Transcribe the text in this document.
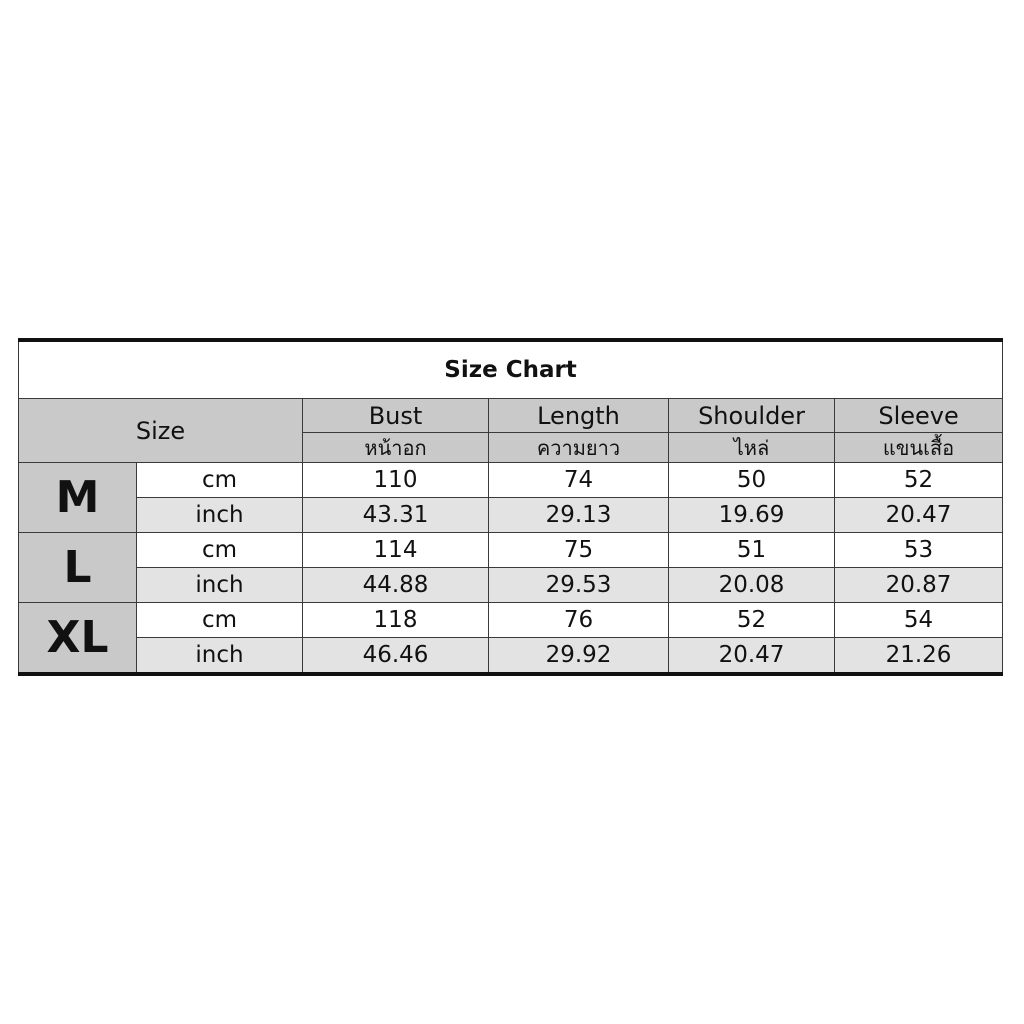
Size Chart					
Size		Bust	Length	Shoulder	Sleeve
		หน้าอก	ความยาว	ไหล่	แขนเสื้อ
M	cm	110	74	50	52
	inch	43.31	29.13	19.69	20.47
L	cm	114	75	51	53
	inch	44.88	29.53	20.08	20.87
XL	cm	118	76	52	54
	inch	46.46	29.92	20.47	21.26
